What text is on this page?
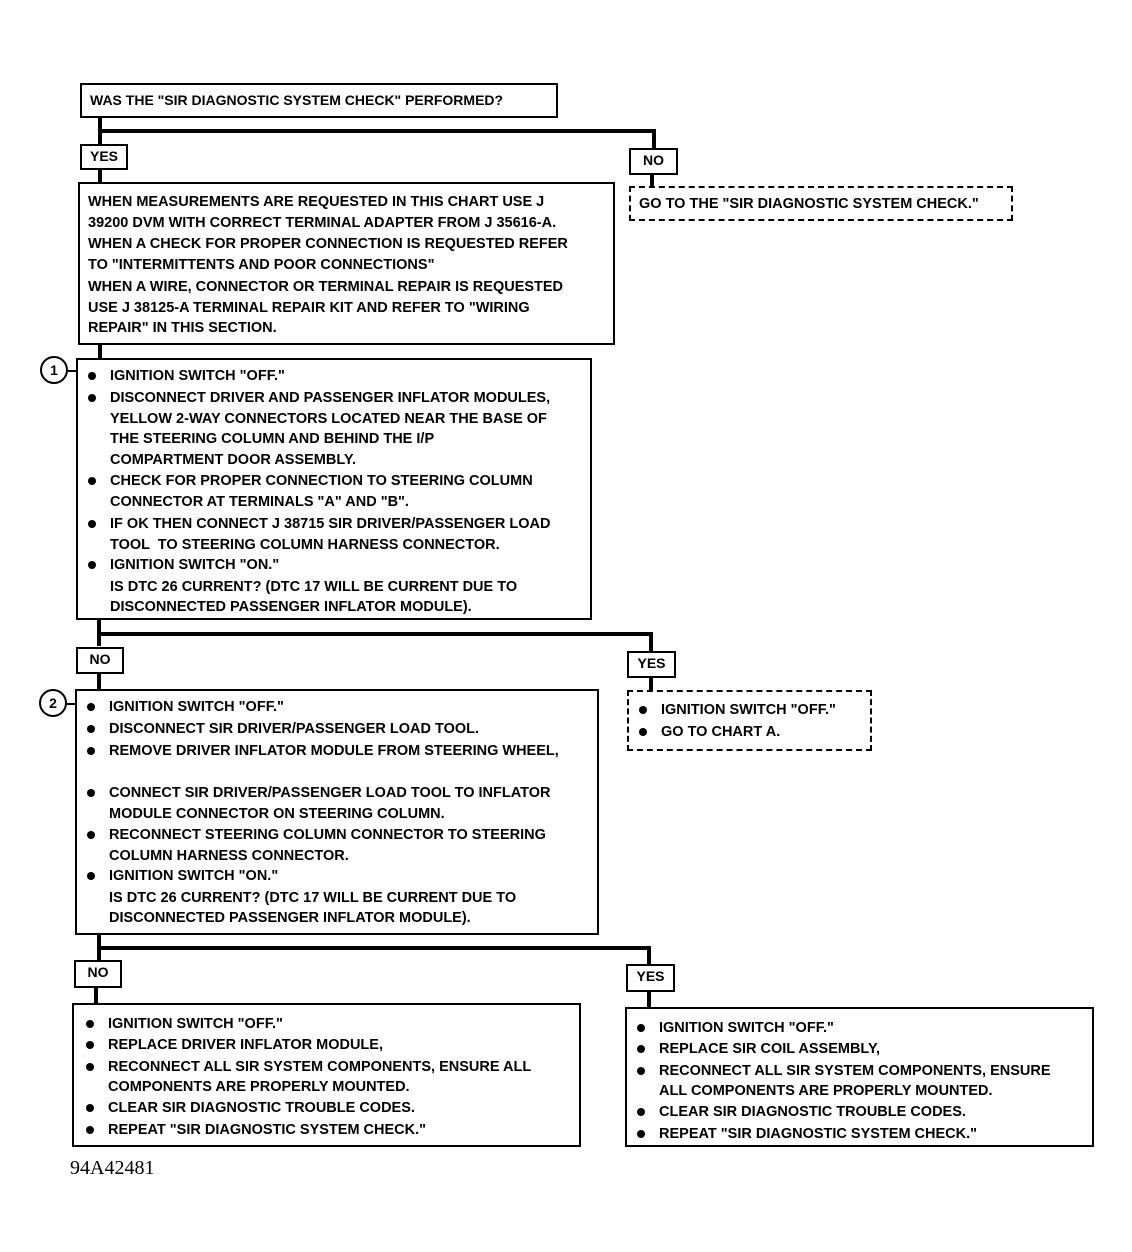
WAS THE "SIR DIAGNOSTIC SYSTEM CHECK" PERFORMED?
YES	NO
GO TO THE "SIR DIAGNOSTIC SYSTEM CHECK."
WHEN MEASUREMENTS ARE REQUESTED IN THIS CHART USE J
39200 DVM WITH CORRECT TERMINAL ADAPTER FROM J 35616-A.
WHEN A CHECK FOR PROPER CONNECTION IS REQUESTED REFER
TO "INTERMITTENTS AND POOR CONNECTIONS"
WHEN A WIRE, CONNECTOR OR TERMINAL REPAIR IS REQUESTED
USE J 38125-A TERMINAL REPAIR KIT AND REFER TO "WIRING
REPAIR" IN THIS SECTION.
1	IGNITION SWITCH "OFF."
DISCONNECT DRIVER AND PASSENGER INFLATOR MODULES,
YELLOW 2-WAY CONNECTORS LOCATED NEAR THE BASE OF
THE STEERING COLUMN AND BEHIND THE I/P
COMPARTMENT DOOR ASSEMBLY.
CHECK FOR PROPER CONNECTION TO STEERING COLUMN
CONNECTOR AT TERMINALS "A" AND "B".
IF OK THEN CONNECT J 38715 SIR DRIVER/PASSENGER LOAD
TOOL  TO STEERING COLUMN HARNESS CONNECTOR.
IGNITION SWITCH "ON."
IS DTC 26 CURRENT? (DTC 17 WILL BE CURRENT DUE TO
DISCONNECTED PASSENGER INFLATOR MODULE).
NO	YES
IGNITION SWITCH "OFF."
GO TO CHART A.
2	IGNITION SWITCH "OFF."
DISCONNECT SIR DRIVER/PASSENGER LOAD TOOL.
REMOVE DRIVER INFLATOR MODULE FROM STEERING WHEEL,
CONNECT SIR DRIVER/PASSENGER LOAD TOOL TO INFLATOR
MODULE CONNECTOR ON STEERING COLUMN.
RECONNECT STEERING COLUMN CONNECTOR TO STEERING
COLUMN HARNESS CONNECTOR.
IGNITION SWITCH "ON."
IS DTC 26 CURRENT? (DTC 17 WILL BE CURRENT DUE TO
DISCONNECTED PASSENGER INFLATOR MODULE).
NO	YES
IGNITION SWITCH "OFF."
REPLACE DRIVER INFLATOR MODULE,
RECONNECT ALL SIR SYSTEM COMPONENTS, ENSURE ALL
COMPONENTS ARE PROPERLY MOUNTED.
CLEAR SIR DIAGNOSTIC TROUBLE CODES.
REPEAT "SIR DIAGNOSTIC SYSTEM CHECK."
IGNITION SWITCH "OFF."
REPLACE SIR COIL ASSEMBLY,
RECONNECT ALL SIR SYSTEM COMPONENTS, ENSURE
ALL COMPONENTS ARE PROPERLY MOUNTED.
CLEAR SIR DIAGNOSTIC TROUBLE CODES.
REPEAT "SIR DIAGNOSTIC SYSTEM CHECK."
94A42481
